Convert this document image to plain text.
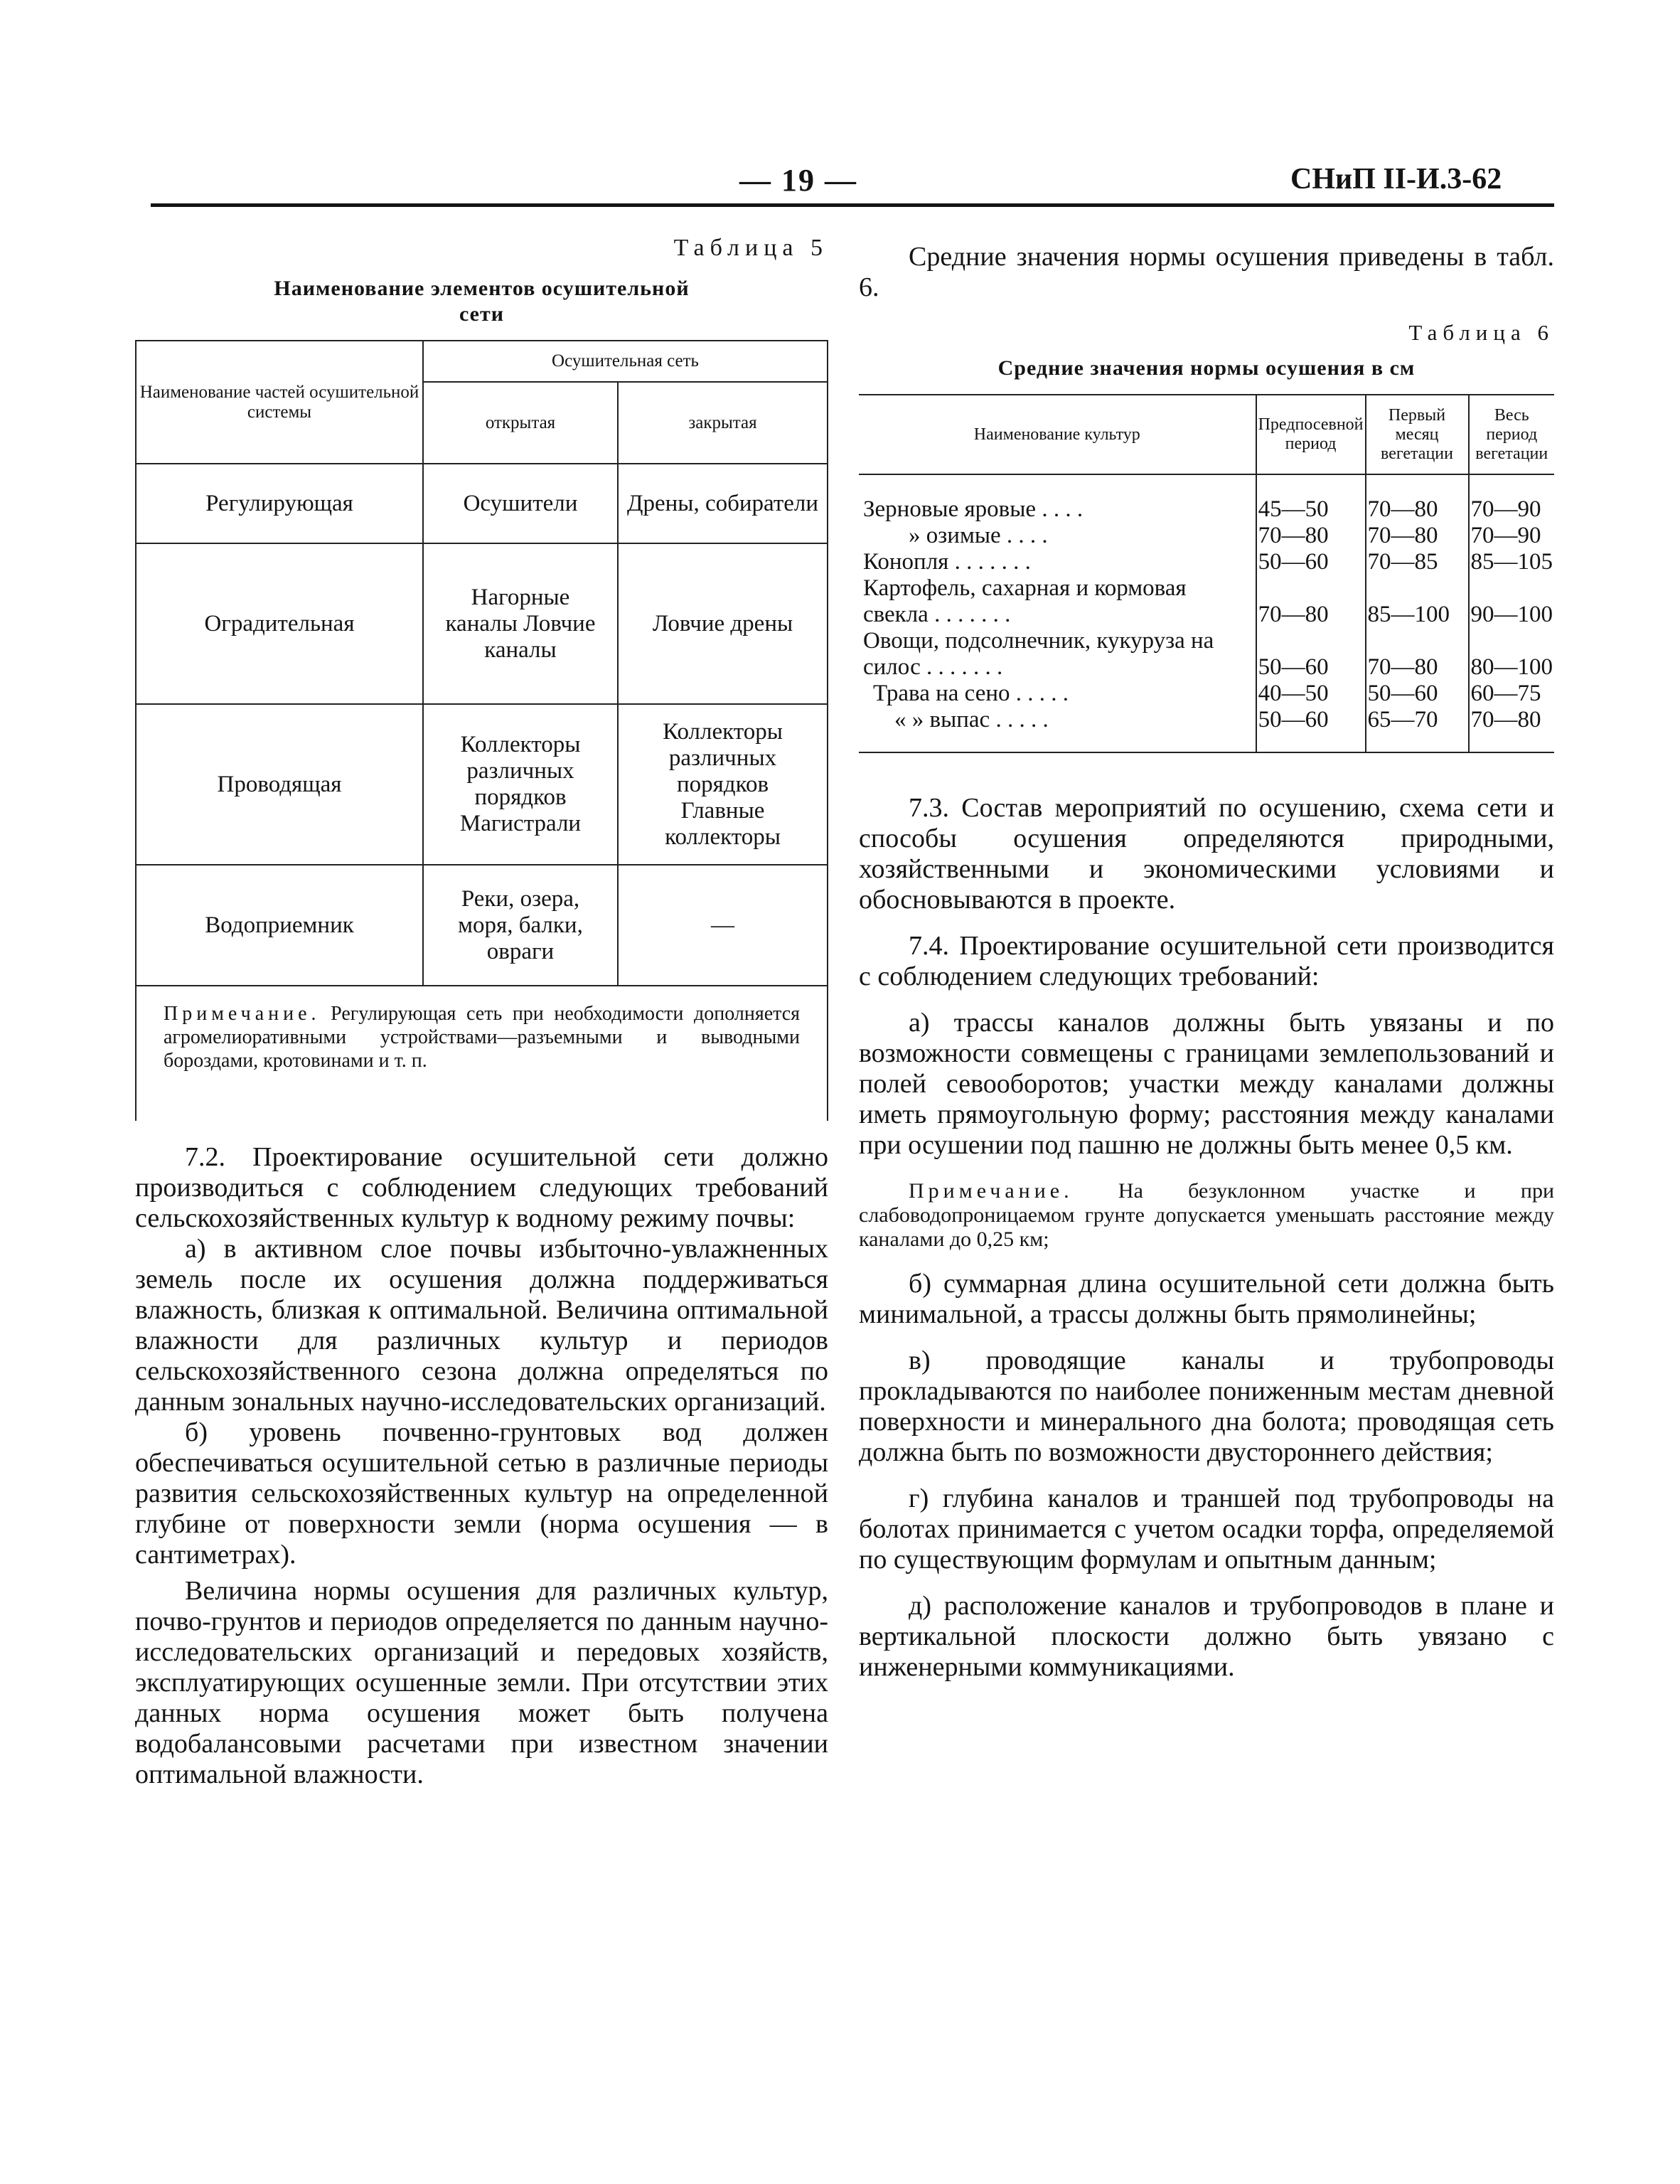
— 19 —	СНиП II-И.3-62
Таблица 5
Наименование элементов осушительной сети
Наименование частей осушительной системы	Осушительная сеть	
	открытая	закрытая
Регулирующая	Осушители	Дрены, собиратели
Оградительная	Нагорные каналы Ловчие каналы	Ловчие дрены
Проводящая	Коллекторы различных порядков Магистрали	Коллекторы различных порядков Главные коллекторы
Водоприемник	Реки, озера, моря, балки, овраги	—
Примечание. Регулирующая сеть при необходимости дополняется агромелиоративными устройствами—разъемными и выводными бороздами, кротовинами и т. п.		

7.2. Проектирование осушительной сети должно производиться с соблюдением следующих требований сельскохозяйственных культур к водному режиму почвы:

а) в активном слое почвы избыточно-увлажненных земель после их осушения должна поддерживаться влажность, близкая к оптимальной. Величина оптимальной влажности для различных культур и периодов сельскохозяйственного сезона должна определяться по данным зональных научно-исследовательских организаций.

б) уровень почвенно-грунтовых вод должен обеспечиваться осушительной сетью в различные периоды развития сельскохозяйственных культур на определенной глубине от поверхности земли (норма осушения — в сантиметрах).

Величина нормы осушения для различных культур, почво-грунтов и периодов определяется по данным научно-исследовательских организаций и передовых хозяйств, эксплуатирующих осушенные земли. При отсутствии этих данных норма осушения может быть получена водобалансовыми расчетами при известном значении оптимальной влажности.

Средние значения нормы осушения приведены в табл. 6.

Таблица 6
Средние значения нормы осушения в см
Наименование культур	Предпосевной период	Первый месяц вегетации	Весь период вегетации
Зерновые яровые . . . .	45—50	70—80	70—90
» озимые . . . .	70—80	70—80	70—90
Конопля . . . . . . .	50—60	70—85	85—105
Картофель, сахарная и кормовая свекла . . . . . . .	70—80	85—100	90—100
Овощи, подсолнечник, кукуруза на силос . . . . . . .	50—60	70—80	80—100
Трава на сено . . . . .	40—50	50—60	60—75
« » выпас . . . . .	50—60	65—70	70—80

7.3. Состав мероприятий по осушению, схема сети и способы осушения определяются природными, хозяйственными и экономическими условиями и обосновываются в проекте.

7.4. Проектирование осушительной сети производится с соблюдением следующих требований:

а) трассы каналов должны быть увязаны и по возможности совмещены с границами землепользований и полей севооборотов; участки между каналами должны иметь прямоугольную форму; расстояния между каналами при осушении под пашню не должны быть менее 0,5 км.

Примечание. На безуклонном участке и при слабоводопроницаемом грунте допускается уменьшать расстояние между каналами до 0,25 км;

б) суммарная длина осушительной сети должна быть минимальной, а трассы должны быть прямолинейны;

в) проводящие каналы и трубопроводы прокладываются по наиболее пониженным местам дневной поверхности и минерального дна болота; проводящая сеть должна быть по возможности двустороннего действия;

г) глубина каналов и траншей под трубопроводы на болотах принимается с учетом осадки торфа, определяемой по существующим формулам и опытным данным;

д) расположение каналов и трубопроводов в плане и вертикальной плоскости должно быть увязано с инженерными коммуникациями.
